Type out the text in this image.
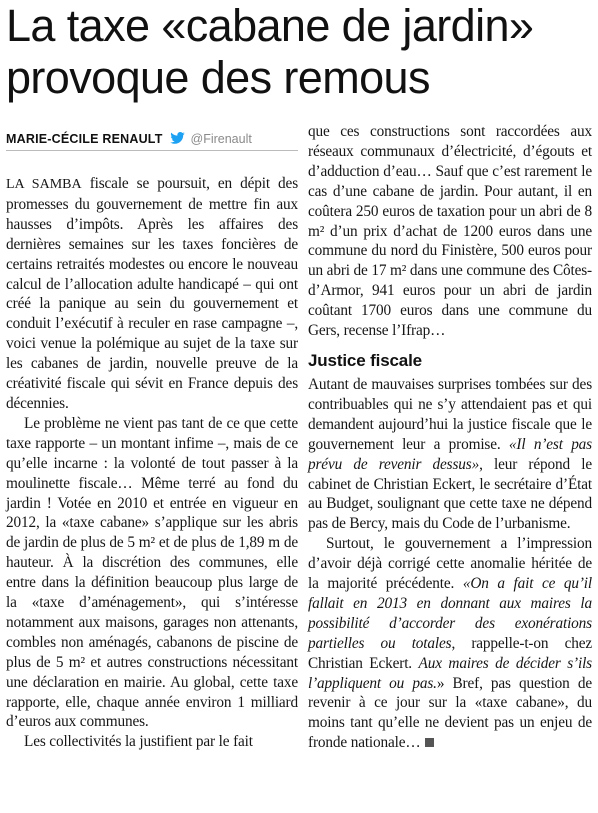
La taxe «cabane de jardin» provoque des remous
MARIE-CÉCILE RENAULT @Firenault

LA SAMBA fiscale se poursuit, en dépit des promesses du gouvernement de mettre fin aux hausses d’impôts. Après les affaires des dernières semaines sur les taxes foncières de certains retraités modestes ou encore le nouveau calcul de l’allocation adulte handicapé – qui ont créé la panique au sein du gouvernement et conduit l’exécutif à reculer en rase campagne –, voici venue la polémique au sujet de la taxe sur les cabanes de jardin, nouvelle preuve de la créativité fiscale qui sévit en France depuis des décennies.

Le problème ne vient pas tant de ce que cette taxe rapporte – un montant infime –, mais de ce qu’elle incarne : la volonté de tout passer à la moulinette fiscale… Même terré au fond du jardin ! Votée en 2010 et entrée en vigueur en 2012, la «taxe cabane» s’applique sur les abris de jardin de plus de 5 m² et de plus de 1,89 m de hauteur. À la discrétion des communes, elle entre dans la définition beaucoup plus large de la «taxe d’aménagement», qui s’intéresse notamment aux maisons, garages non attenants, combles non aménagés, cabanons de piscine de plus de 5 m² et autres constructions nécessitant une déclaration en mairie. Au global, cette taxe rapporte, elle, chaque année environ 1 milliard d’euros aux communes.

Les collectivités la justifient par le fait

que ces constructions sont raccordées aux réseaux communaux d’électricité, d’égouts et d’adduction d’eau… Sauf que c’est rarement le cas d’une cabane de jardin. Pour autant, il en coûtera 250 euros de taxation pour un abri de 8 m² d’un prix d’achat de 1200 euros dans une commune du nord du Finistère, 500 euros pour un abri de 17 m² dans une commune des Côtes-d’Armor, 941 euros pour un abri de jardin coûtant 1700 euros dans une commune du Gers, recense l’Ifrap…

Justice fiscale

Autant de mauvaises surprises tombées sur des contribuables qui ne s’y attendaient pas et qui demandent aujourd’hui la justice fiscale que le gouvernement leur a promise. «Il n’est pas prévu de revenir dessus», leur répond le cabinet de Christian Eckert, le secrétaire d’État au Budget, soulignant que cette taxe ne dépend pas de Bercy, mais du Code de l’urbanisme.

Surtout, le gouvernement a l’impression d’avoir déjà corrigé cette anomalie héritée de la majorité précédente. «On a fait ce qu’il fallait en 2013 en donnant aux maires la possibilité d’accorder des exonérations partielles ou totales, rappelle-t-on chez Christian Eckert. Aux maires de décider s’ils l’appliquent ou pas.» Bref, pas question de revenir à ce jour sur la «taxe cabane», du moins tant qu’elle ne devient pas un enjeu de fronde nationale…
